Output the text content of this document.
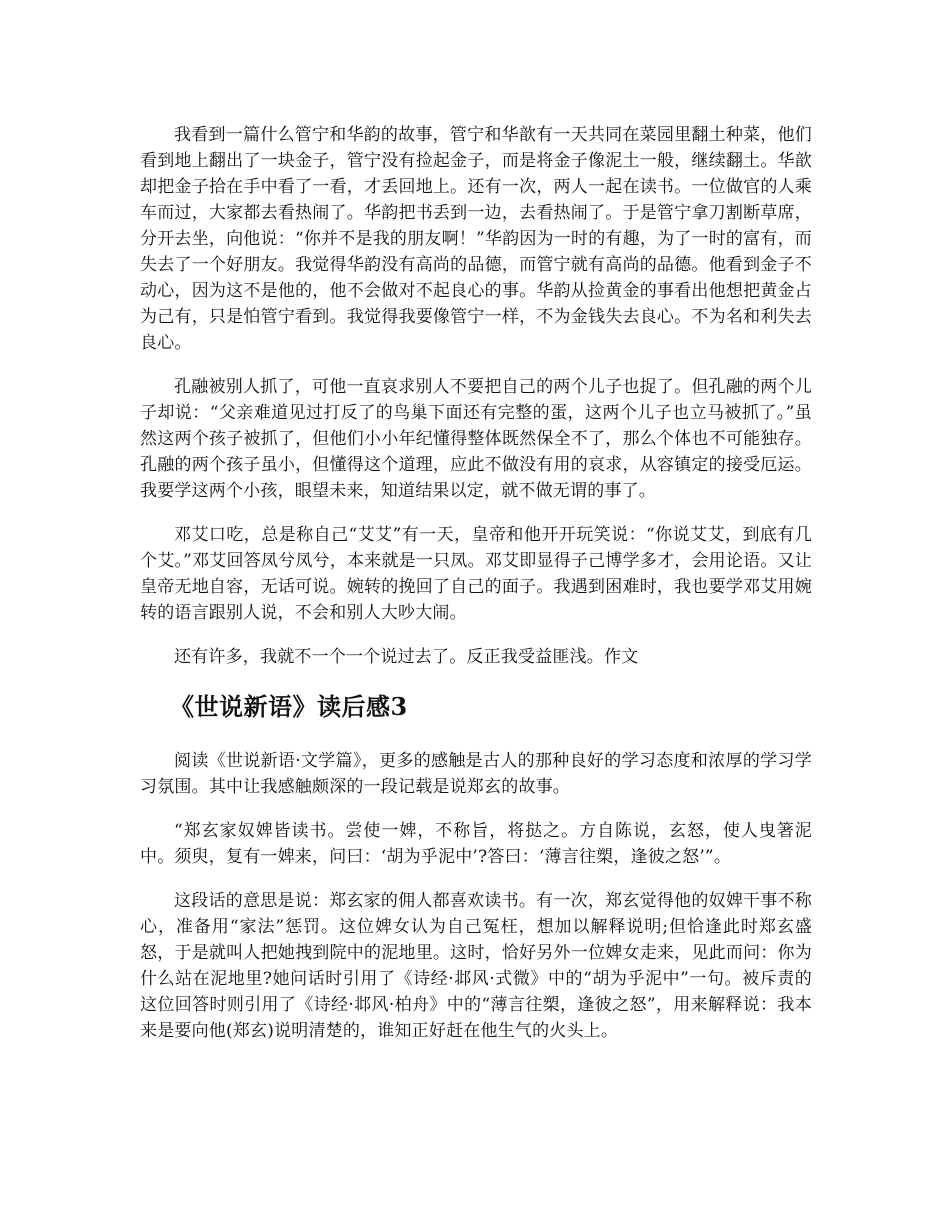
我看到一篇什么管宁和华韵的故事，管宁和华歆有一天共同在菜园里翻土种菜，他们看到地上翻出了一块金子，管宁没有捡起金子，而是将金子像泥土一般，继续翻土。华歆却把金子拾在手中看了一看，才丢回地上。还有一次，两人一起在读书。一位做官的人乘车而过，大家都去看热闹了。华韵把书丢到一边，去看热闹了。于是管宁拿刀割断草席，分开去坐，向他说：“你并不是我的朋友啊！”华韵因为一时的有趣，为了一时的富有，而失去了一个好朋友。我觉得华韵没有高尚的品德，而管宁就有高尚的品德。他看到金子不动心，因为这不是他的，他不会做对不起良心的事。华韵从捡黄金的事看出他想把黄金占为己有，只是怕管宁看到。我觉得我要像管宁一样，不为金钱失去良心。不为名和利失去良心。

孔融被别人抓了，可他一直哀求别人不要把自己的两个儿子也捉了。但孔融的两个儿子却说：“父亲难道见过打反了的鸟巢下面还有完整的蛋，这两个儿子也立马被抓了。”虽然这两个孩子被抓了，但他们小小年纪懂得整体既然保全不了，那么个体也不可能独存。孔融的两个孩子虽小，但懂得这个道理，应此不做没有用的哀求，从容镇定的接受厄运。我要学这两个小孩，眼望未来，知道结果以定，就不做无谓的事了。

邓艾口吃，总是称自己“艾艾”有一天，皇帝和他开开玩笑说：“你说艾艾，到底有几个艾。”邓艾回答凤兮凤兮，本来就是一只凤。邓艾即显得子己博学多才，会用论语。又让皇帝无地自容，无话可说。婉转的挽回了自己的面子。我遇到困难时，我也要学邓艾用婉转的语言跟别人说，不会和别人大吵大闹。

还有许多，我就不一个一个说过去了。反正我受益匪浅。作文

《世说新语》读后感3

阅读《世说新语·文学篇》，更多的感触是古人的那种良好的学习态度和浓厚的学习学习氛围。其中让我感触颇深的一段记载是说郑玄的故事。

“郑玄家奴婢皆读书。尝使一婢，不称旨，将挞之。方自陈说，玄怒，使人曳箸泥中。须臾，复有一婢来，问曰：‘胡为乎泥中’?答曰：‘薄言往槊，逢彼之怒’”。

这段话的意思是说：郑玄家的佣人都喜欢读书。有一次，郑玄觉得他的奴婢干事不称心，准备用“家法”惩罚。这位婢女认为自己冤枉，想加以解释说明;但恰逢此时郑玄盛怒，于是就叫人把她拽到院中的泥地里。这时，恰好另外一位婢女走来，见此而问：你为什么站在泥地里?她问话时引用了《诗经·邶风·式微》中的“胡为乎泥中”一句。被斥责的这位回答时则引用了《诗经·邶风·柏舟》中的“薄言往槊，逢彼之怒”，用来解释说：我本来是要向他(郑玄)说明清楚的，谁知正好赶在他生气的火头上。
